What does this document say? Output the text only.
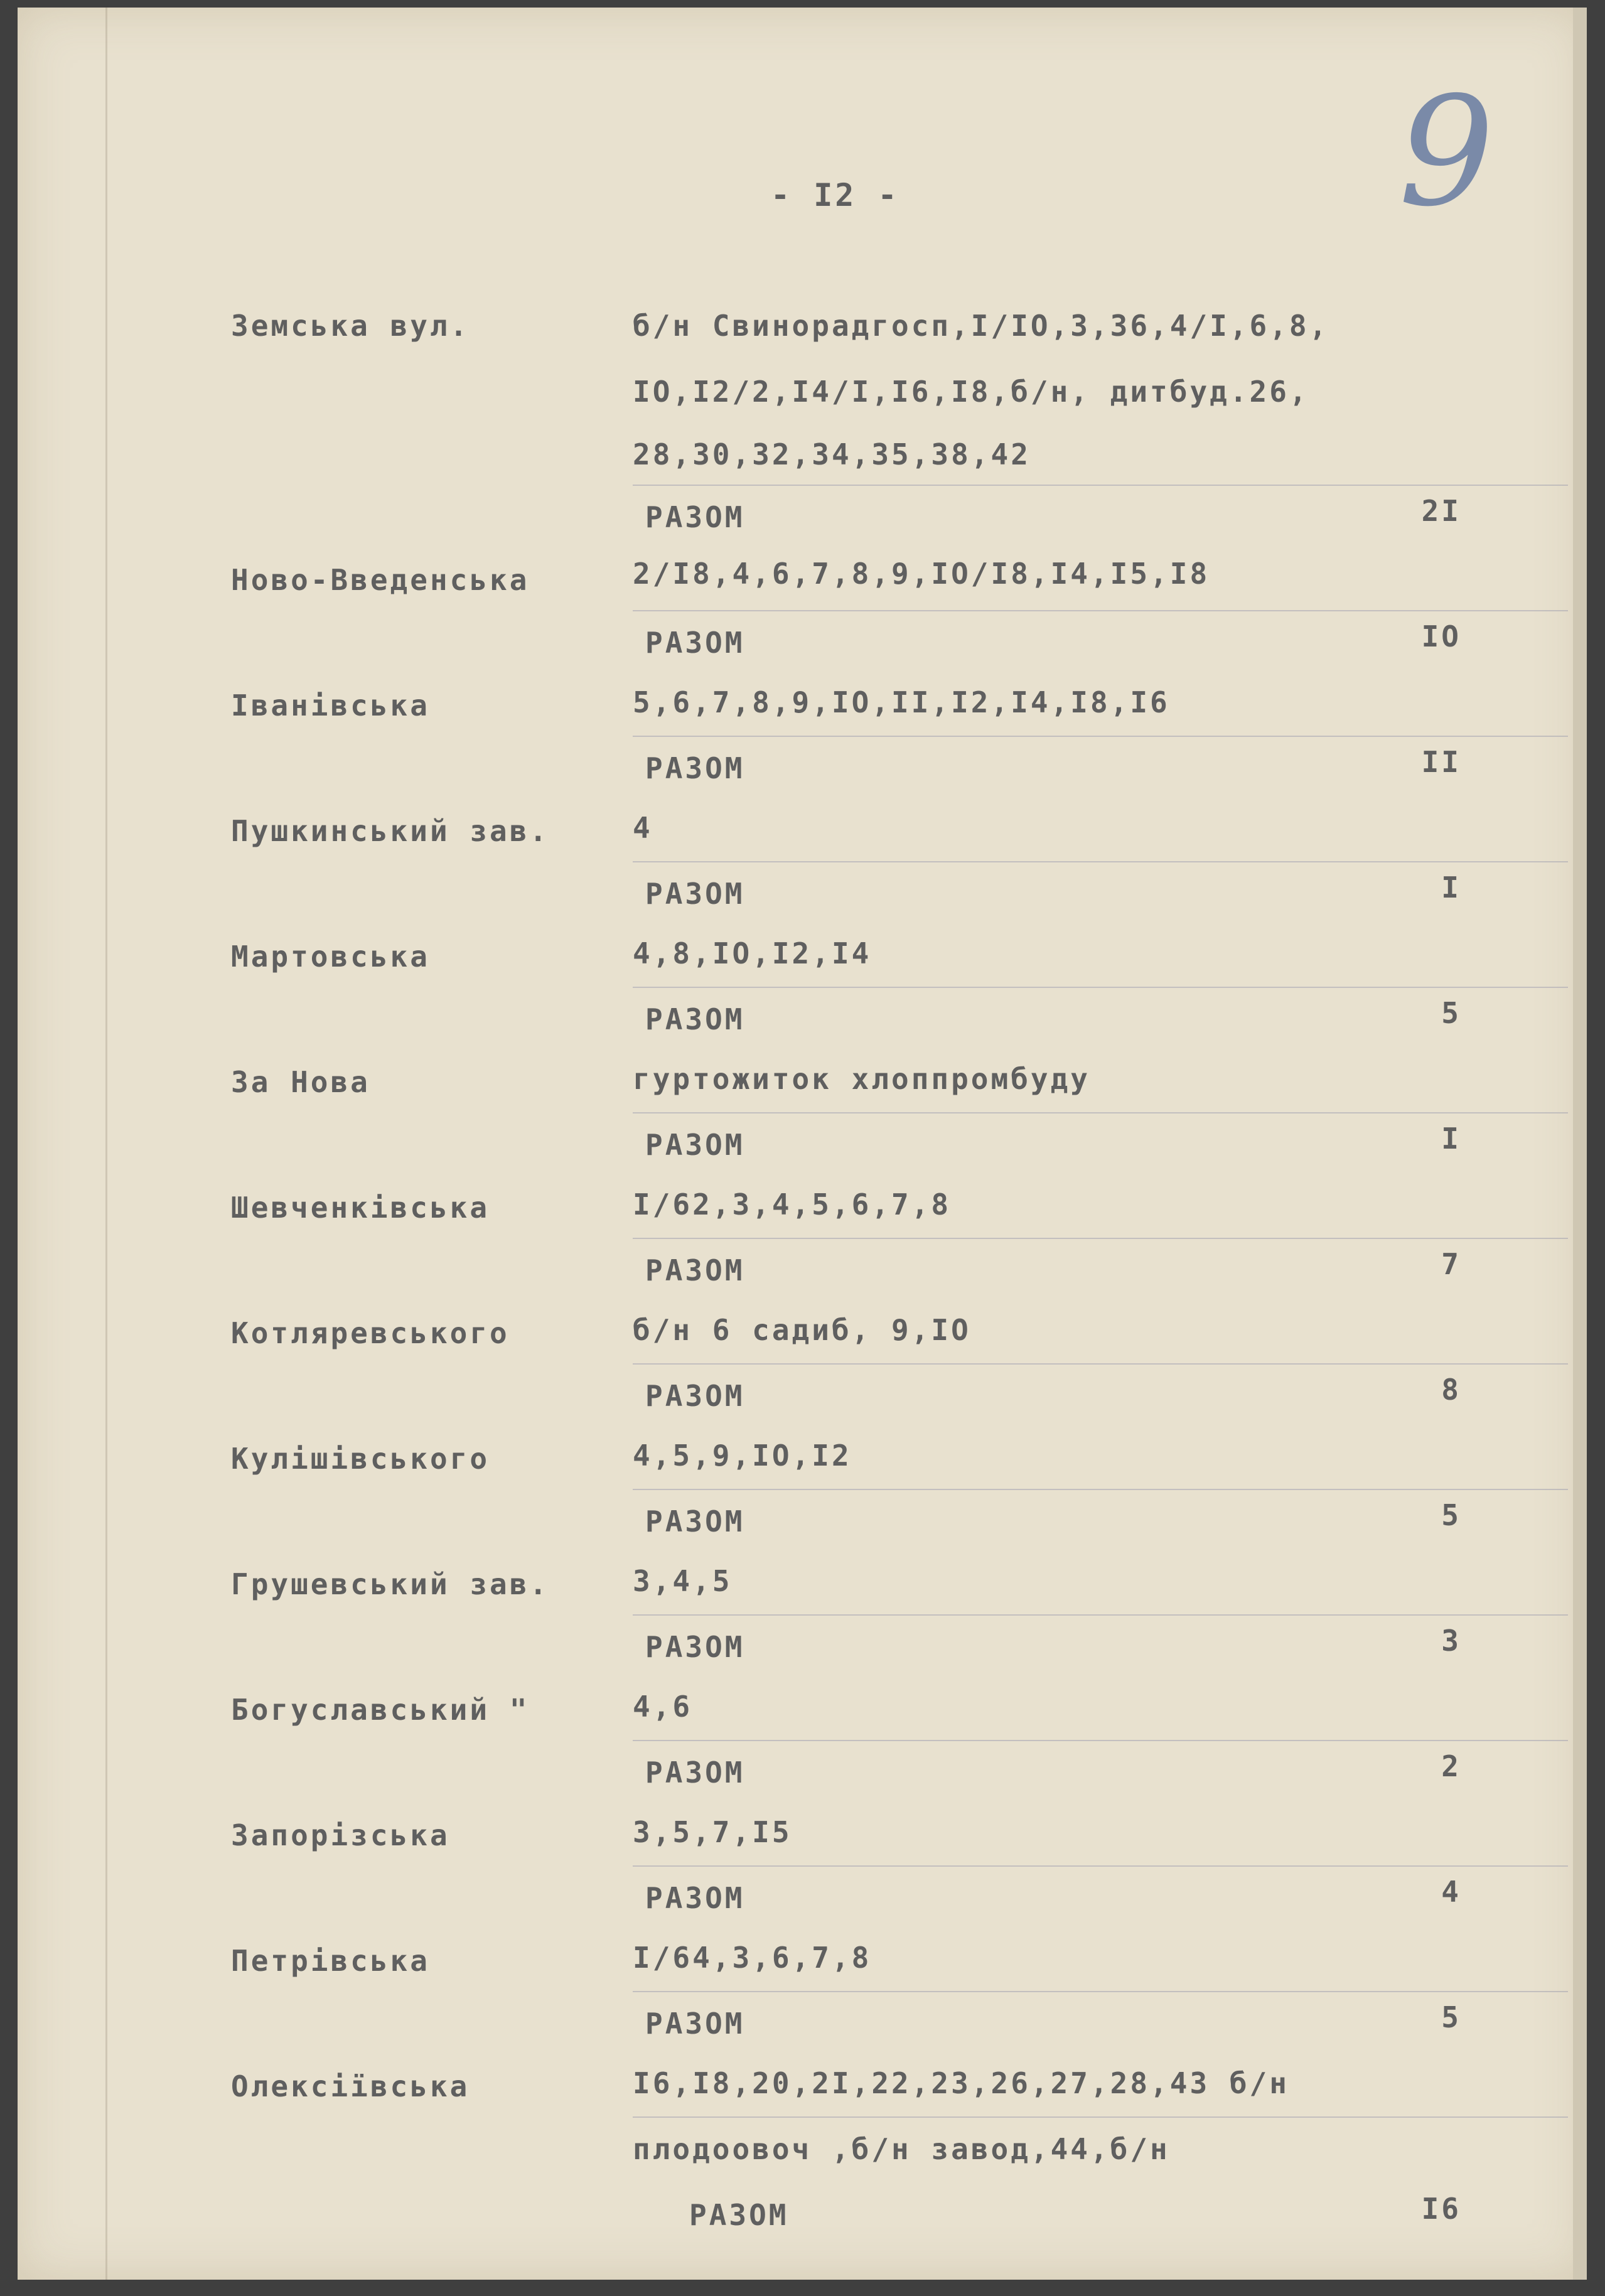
9
- I2 -
Земська вул.	б/н Свинорадгосп,І/ІО,3,36,4/І,6,8,
ІО,І2/2,І4/І,І6,І8,б/н, дитбуд.26,
28,30,32,34,35,38,42
РАЗОМ	2І
Ново-Введенська	2/І8,4,6,7,8,9,ІО/І8,І4,І5,І8
РАЗОМ	ІО
Іванівська	5,6,7,8,9,ІО,ІІ,І2,І4,І8,І6
РАЗОМ	ІІ
Пушкинський зав.	4
РАЗОМ	І
Мартовська	4,8,ІО,І2,І4
РАЗОМ	5
За Нова	гуртожиток хлоппромбуду
РАЗОМ	І
Шевченківська	І/62,3,4,5,6,7,8
РАЗОМ	7
Котляревського	б/н 6 садиб, 9,ІО
РАЗОМ	8
Кулішівського	4,5,9,ІО,І2
РАЗОМ	5
Грушевський зав.	3,4,5
РАЗОМ	3
Богуславський "	4,6
РАЗОМ	2
Запорізська	3,5,7,І5
РАЗОМ	4
Петрівська	І/64,3,6,7,8
РАЗОМ	5
Олексіївська	І6,І8,20,2І,22,23,26,27,28,43 б/н
плодоовоч ,б/н завод,44,б/н
РАЗОМ	І6
